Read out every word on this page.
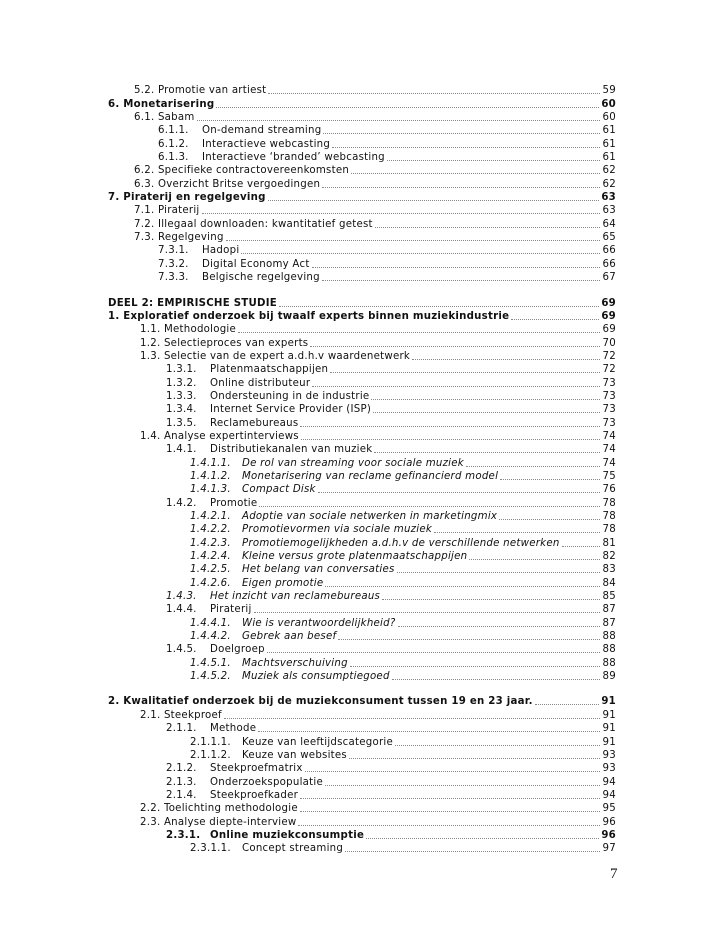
5.2. Promotie van artiest	59
6. Monetarisering	60
6.1. Sabam	60
6.1.1. On-demand streaming	61
6.1.2. Interactieve webcasting	61
6.1.3. Interactieve ‘branded’ webcasting	61
6.2. Specifieke contractovereenkomsten	62
6.3. Overzicht Britse vergoedingen	62
7. Piraterij en regelgeving	63
7.1. Piraterij	63
7.2. Illegaal downloaden: kwantitatief getest	64
7.3. Regelgeving	65
7.3.1. Hadopi	66
7.3.2. Digital Economy Act	66
7.3.3. Belgische regelgeving	67
DEEL 2: EMPIRISCHE STUDIE	69
1. Exploratief onderzoek bij twaalf experts binnen muziekindustrie	69
1.1. Methodologie	69
1.2. Selectieproces van experts	70
1.3. Selectie van de expert a.d.h.v waardenetwerk	72
1.3.1. Platenmaatschappijen	72
1.3.2. Online distributeur	73
1.3.3. Ondersteuning in de industrie	73
1.3.4. Internet Service Provider (ISP)	73
1.3.5. Reclamebureaus	73
1.4. Analyse expertinterviews	74
1.4.1. Distributiekanalen van muziek	74
1.4.1.1. De rol van streaming voor sociale muziek	74
1.4.1.2. Monetarisering van reclame gefinancierd model	75
1.4.1.3. Compact Disk	76
1.4.2. Promotie	78
1.4.2.1. Adoptie van sociale netwerken in marketingmix	78
1.4.2.2. Promotievormen via sociale muziek	78
1.4.2.3. Promotiemogelijkheden a.d.h.v de verschillende netwerken	81
1.4.2.4. Kleine versus grote platenmaatschappijen	82
1.4.2.5. Het belang van conversaties	83
1.4.2.6. Eigen promotie	84
1.4.3. Het inzicht van reclamebureaus	85
1.4.4. Piraterij	87
1.4.4.1. Wie is verantwoordelijkheid?	87
1.4.4.2. Gebrek aan besef	88
1.4.5. Doelgroep	88
1.4.5.1. Machtsverschuiving	88
1.4.5.2. Muziek als consumptiegoed	89
2. Kwalitatief onderzoek bij de muziekconsument tussen 19 en 23 jaar.	91
2.1. Steekproef	91
2.1.1. Methode	91
2.1.1.1. Keuze van leeftijdscategorie	91
2.1.1.2. Keuze van websites	93
2.1.2. Steekproefmatrix	93
2.1.3. Onderzoekspopulatie	94
2.1.4. Steekproefkader	94
2.2. Toelichting methodologie	95
2.3. Analyse diepte-interview	96
2.3.1. Online muziekconsumptie	96
2.3.1.1. Concept streaming	97
7
